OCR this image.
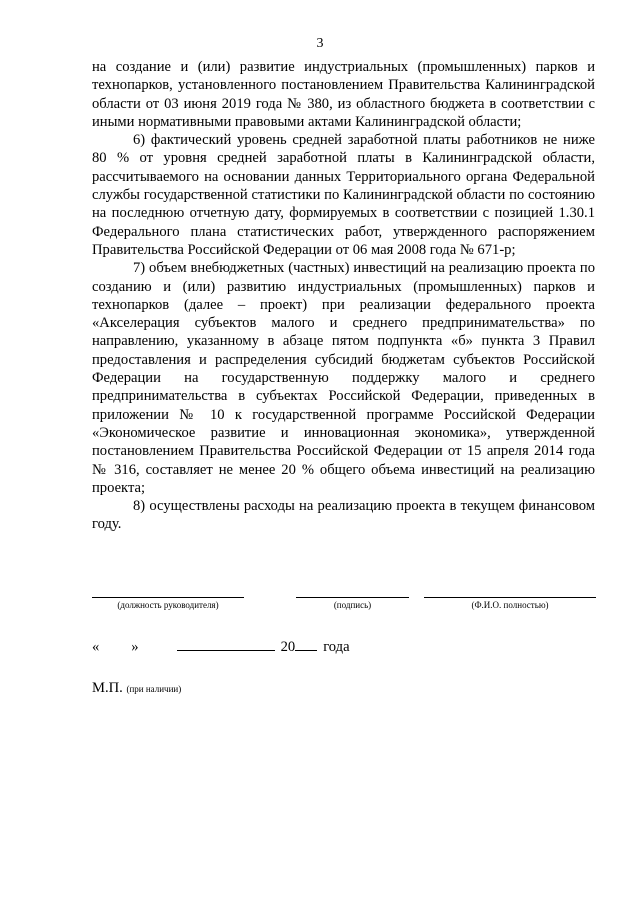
3

на создание и (или) развитие индустриальных (промышленных) парков и технопарков, установленного постановлением Правительства Калининградской области от 03 июня 2019 года № 380, из областного бюджета в соответствии с иными нормативными правовыми актами Калининградской области;

6) фактический уровень средней заработной платы работников не ниже 80 % от уровня средней заработной платы в Калининградской области, рассчитываемого на основании данных Территориального органа Федеральной службы государственной статистики по Калининградской области по состоянию на последнюю отчетную дату, формируемых в соответствии с позицией 1.30.1 Федерального плана статистических работ, утвержденного распоряжением Правительства Российской Федерации от 06 мая 2008 года № 671-р;

7) объем внебюджетных (частных) инвестиций на реализацию проекта по созданию и (или) развитию индустриальных (промышленных) парков и технопарков (далее – проект) при реализации федерального проекта «Акселерация субъектов малого и среднего предпринимательства» по направлению, указанному в абзаце пятом подпункта «б» пункта 3 Правил предоставления и распределения субсидий бюджетам субъектов Российской Федерации на государственную поддержку малого и среднего предпринимательства в субъектах Российской Федерации, приведенных в приложении № 10 к государственной программе Российской Федерации «Экономическое развитие и инновационная экономика», утвержденной постановлением Правительства Российской Федерации от 15 апреля 2014 года № 316, составляет не менее 20 % общего объема инвестиций на реализацию проекта;

8) осуществлены расходы на реализацию проекта в текущем финансовом году.

(должность руководителя)	(подпись)	(Ф.И.О. полностью)
« »	20 года
М.П. (при наличии)
